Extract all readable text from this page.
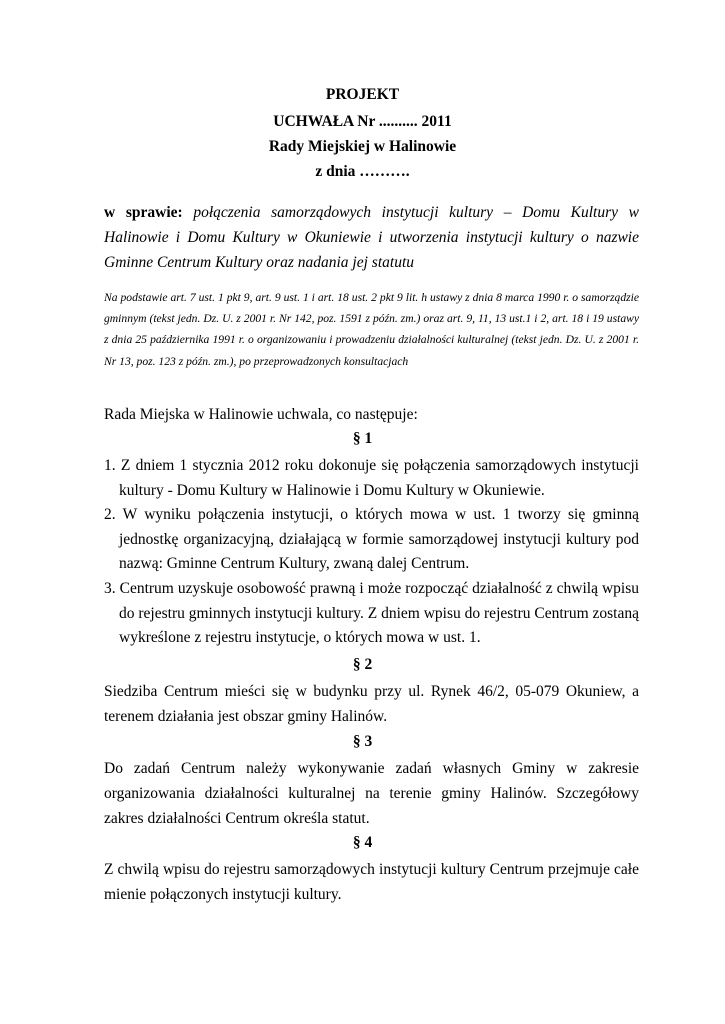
PROJEKT
UCHWAŁA Nr .......... 2011
Rady Miejskiej w Halinowie
z dnia ……….
w sprawie: połączenia samorządowych instytucji kultury – Domu Kultury w Halinowie i Domu Kultury w Okuniewie i utworzenia instytucji kultury o nazwie Gminne Centrum Kultury oraz nadania jej statutu
Na podstawie art. 7 ust. 1 pkt 9, art. 9 ust. 1 i art. 18 ust. 2 pkt 9 lit. h ustawy z dnia 8 marca 1990 r. o samorządzie gminnym (tekst jedn. Dz. U. z 2001 r. Nr 142, poz. 1591 z późn. zm.) oraz art. 9, 11, 13 ust.1 i 2, art. 18 i 19 ustawy z dnia 25 października 1991 r. o organizowaniu i prowadzeniu działalności kulturalnej (tekst jedn. Dz. U. z 2001 r. Nr 13, poz. 123 z późn. zm.), po przeprowadzonych konsultacjach
Rada Miejska w Halinowie uchwala, co następuje:
§ 1
1. Z dniem 1 stycznia 2012 roku dokonuje się połączenia samorządowych instytucji kultury - Domu Kultury w Halinowie i Domu Kultury w Okuniewie.
2. W wyniku połączenia instytucji, o których mowa w ust. 1 tworzy się gminną jednostkę organizacyjną, działającą w formie samorządowej instytucji kultury pod nazwą: Gminne Centrum Kultury, zwaną dalej Centrum.
3. Centrum uzyskuje osobowość prawną i może rozpocząć działalność z chwilą wpisu do rejestru gminnych instytucji kultury. Z dniem wpisu do rejestru Centrum zostaną wykreślone z rejestru instytucje, o których mowa w ust. 1.
§ 2
Siedziba Centrum mieści się w budynku przy ul. Rynek 46/2, 05-079 Okuniew, a terenem działania jest obszar gminy Halinów.
§ 3
Do zadań Centrum należy wykonywanie zadań własnych Gminy w zakresie organizowania działalności kulturalnej na terenie gminy Halinów. Szczegółowy zakres działalności Centrum określa statut.
§ 4
Z chwilą wpisu do rejestru samorządowych instytucji kultury Centrum przejmuje całe mienie połączonych instytucji kultury.
